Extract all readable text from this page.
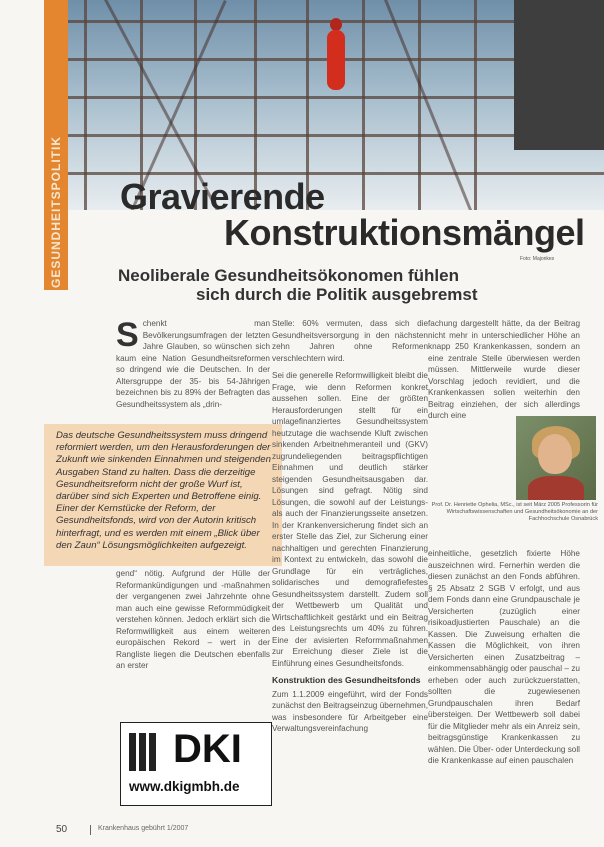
GESUNDHEITSPOLITIK Gravierende
Konstruktionsmängel
Foto: Majonkes
Neoliberale Gesundheitsökonomen fühlen
sich durch die Politik ausgebremst

Schenkt man Bevölkerungsumfragen der letzten Jahre Glauben, so wünschen sich kaum eine Nation Gesundheitsreformen so dringend wie die Deutschen. In der Altersgruppe der 35- bis 54-Jährigen bezeichnen bis zu 89% der Befragten das Gesundheitssystem als „drin-

Das deutsche Gesundheitssystem muss dringend reformiert werden, um den Herausforderungen der Zukunft wie sinkenden Einnahmen und steigenden Ausgaben Stand zu halten. Dass die derzeitige Gesundheitsreform nicht der große Wurf ist, darüber sind sich Experten und Betroffene einig. Einer der Kernstücke der Reform, der Gesundheitsfonds, wird von der Autorin kritisch hinterfragt, und es werden mit einem „Blick über den Zaun“ Lösungsmöglichkeiten aufgezeigt.

gend“ nötig. Aufgrund der Hülle der Reformankündigungen und -maßnahmen der vergangenen zwei Jahrzehnte ohne man auch eine gewisse Reformmüdigkeit verstehen können. Jedoch erklärt sich die Reformwilligkeit aus einem weiteren europäischen Rekord – wert in der Rangliste liegen die Deutschen ebenfalls an erster

Stelle: 60% vermuten, dass sich die Gesundheitsversorgung in den nächsten zehn Jahren ohne Reformen verschlechtern wird.

Sei die generelle Reformwilligkeit bleibt die Frage, wie denn Reformen konkret aussehen sollen. Eine der größten Herausforderungen stellt für ein umlagefinanziertes Gesundheitssystem heutzutage die wachsende Kluft zwischen sinkenden Arbeitnehmeranteil und (GKV) zugrundeliegenden beitragspflichtigen Einnahmen und deutlich stärker steigenden Gesundheitsausgaben dar. Lösungen sind gefragt. Nötig sind Lösungen, die sowohl auf der Leistungs- als auch der Finanzierungsseite ansetzen. In der Krankenversicherung findet sich an erster Stelle das Ziel, zur Sicherung einer nachhaltigen und gerechten Finanzierung im Kontext zu entwickeln, das sowohl die Grundlage für ein verträgliches, solidarisches und demografiefestes Gesundheitssystem darstellt. Zudem soll der Wettbewerb um Qualität und Wirtschaftlichkeit gestärkt und ein Beitrag des Leistungsrechts um 40% zu führen. Eine der avisierten Reformmaßnahmen zur Erreichung dieser Ziele ist die Einführung eines Gesundheitsfonds.

Konstruktion des Gesundheitsfonds

Zum 1.1.2009 eingeführt, wird der Fonds zunächst den Beitragseinzug übernehmen, was insbesondere für Arbeitgeber eine Verwaltungsvereinfachung

fachung dargestellt hätte, da der Beitrag nicht mehr in unterschiedlicher Höhe an knapp 250 Krankenkassen, sondern an eine zentrale Stelle überwiesen werden müssen. Mittlerweile wurde dieser Vorschlag jedoch revidiert, und die Krankenkassen sollen weiterhin den Beitrag einziehen, der sich allerdings durch eine

Prof. Dr. Henriette Ophelia, MSc., ist seit März 2005 Professorin für Wirtschaftswissenschaften und Gesundheitsökonomie an der Fachhochschule Osnabrück

einheitliche, gesetzlich fixierte Höhe auszeichnen wird. Fernerhin werden die diesen zunächst an den Fonds abführen. § 25 Absatz 2 SGB V erfolgt, und aus dem Fonds dann eine Grundpauschale je Versicherten (zuzüglich einer risikoadjustierten Pauschale) an die Kassen. Die Zuweisung erhalten die Kassen die Möglichkeit, von ihren Versicherten einen Zusatzbeitrag – einkommensabhängig oder pauschal – zu erheben oder auch zurückzuerstatten, sollten die zugewiesenen Grundpauschalen ihren Bedarf übersteigen. Der Wettbewerb soll dabei für die Mitglieder mehr als ein Anreiz sein, beitragsgünstige Krankenkassen zu wählen. Die Über- oder Unterdeckung soll die Krankenkasse auf einen pauschalen

DKI
www.dkigmbh.de
50	Krankenhaus gebührt 1/2007
